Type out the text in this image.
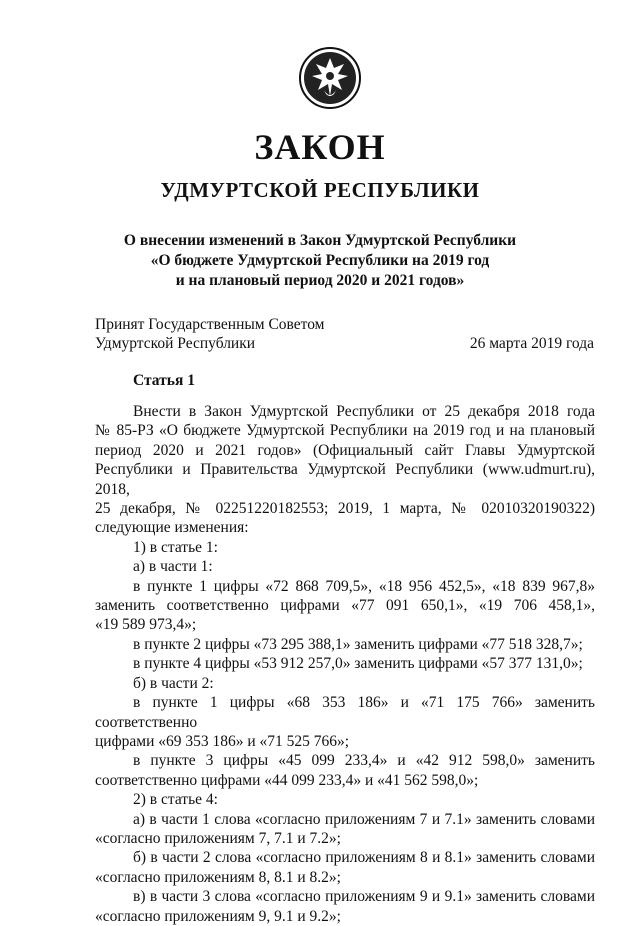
ЗАКОН
УДМУРТСКОЙ РЕСПУБЛИКИ
О внесении изменений в Закон Удмуртской Республики
«О бюджете Удмуртской Республики на 2019 год
и на плановый период 2020 и 2021 годов»
Принят Государственным Советом
Удмуртской Республики	26 марта 2019 года
Статья 1

Внести в Закон Удмуртской Республики от 25 декабря 2018 года

№ 85-РЗ «О бюджете Удмуртской Республики на 2019 год и на плановый

период 2020 и 2021 годов» (Официальный сайт Главы Удмуртской

Республики и Правительства Удмуртской Республики (www.udmurt.ru), 2018,

25 декабря, № 02251220182553; 2019, 1 марта, № 02010320190322)

следующие изменения:

1) в статье 1:

а) в части 1:

в пункте 1 цифры «72 868 709,5», «18 956 452,5», «18 839 967,8»

заменить соответственно цифрами «77 091 650,1», «19 706 458,1»,

«19 589 973,4»;

в пункте 2 цифры «73 295 388,1» заменить цифрами «77 518 328,7»;

в пункте 4 цифры «53 912 257,0» заменить цифрами «57 377 131,0»;

б) в части 2:

в пункте 1 цифры «68 353 186» и «71 175 766» заменить соответственно

цифрами «69 353 186» и «71 525 766»;

в пункте 3 цифры «45 099 233,4» и «42 912 598,0» заменить

соответственно цифрами «44 099 233,4» и «41 562 598,0»;

2) в статье 4:

а) в части 1 слова «согласно приложениям 7 и 7.1» заменить словами

«согласно приложениям 7, 7.1 и 7.2»;

б) в части 2 слова «согласно приложениям 8 и 8.1» заменить словами

«согласно приложениям 8, 8.1 и 8.2»;

в) в части 3 слова «согласно приложениям 9 и 9.1» заменить словами

«согласно приложениям 9, 9.1 и 9.2»;
